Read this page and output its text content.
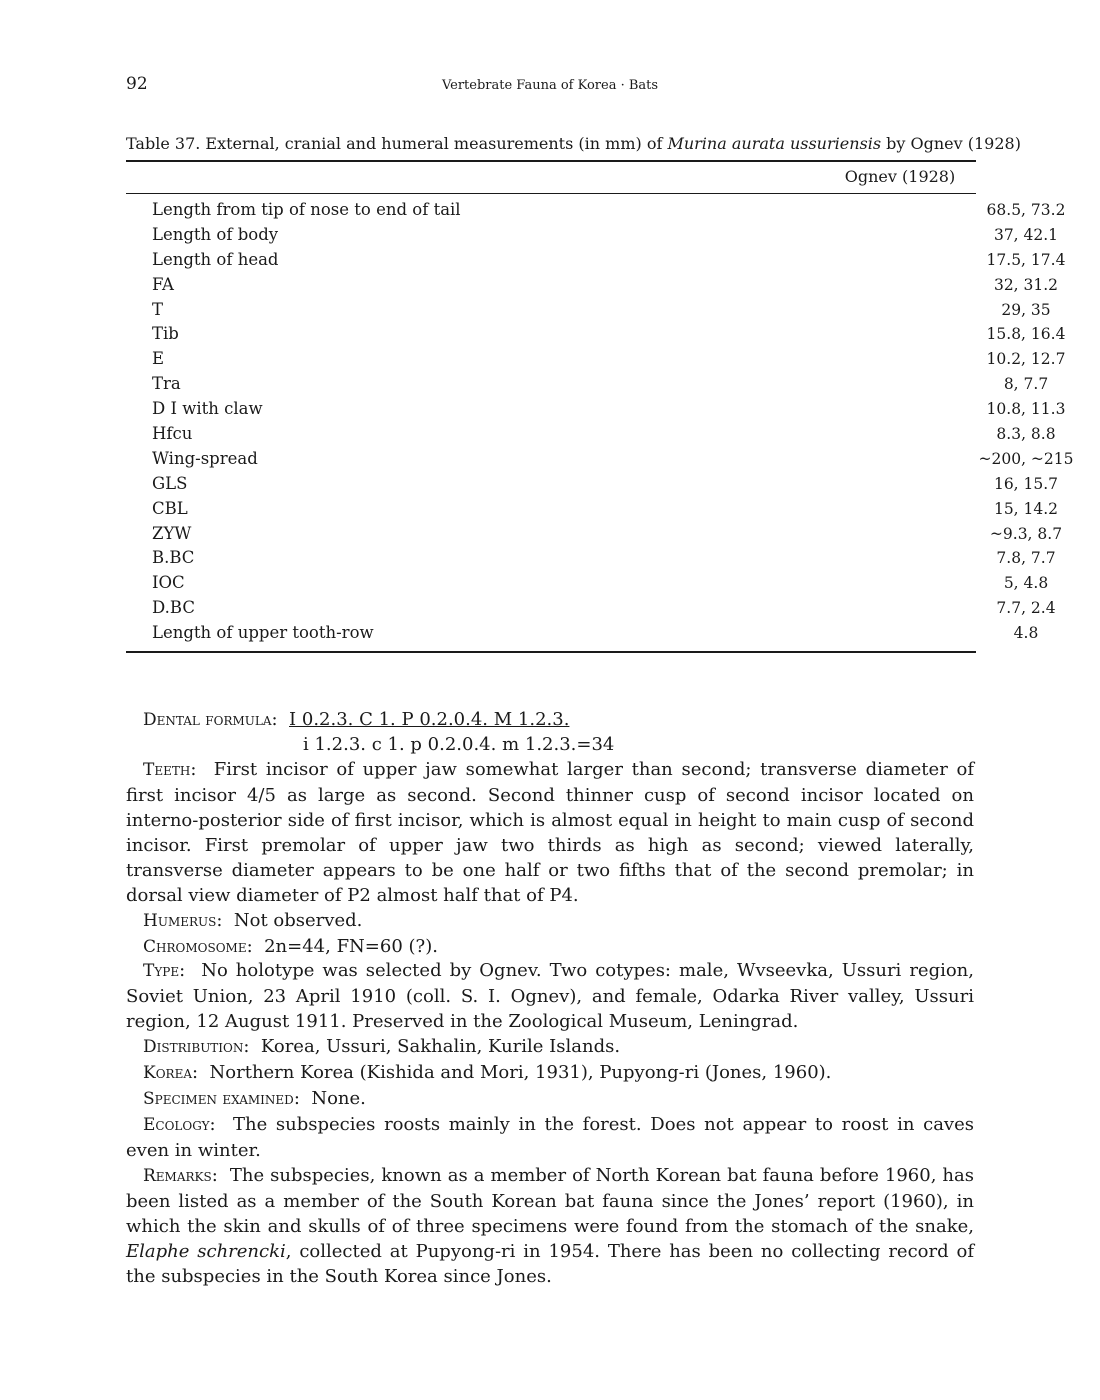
92	Vertebrate Fauna of Korea · Bats
Table 37. External, cranial and humeral measurements (in mm) of Murina aurata ussuriensis by Ognev (1928)
Ognev (1928)
Length from tip of nose to end of tail	68.5, 73.2
Length of body	37, 42.1
Length of head	17.5, 17.4
FA	32, 31.2
T	29, 35
Tib	15.8, 16.4
E	10.2, 12.7
Tra	8, 7.7
D I with claw	10.8, 11.3
Hfcu	8.3, 8.8
Wing-spread	~200, ~215
GLS	16, 15.7
CBL	15, 14.2
ZYW	~9.3, 8.7
B.BC	7.8, 7.7
IOC	5, 4.8
D.BC	7.7, 2.4
Length of upper tooth-row	4.8
Dental formula:  I 0.2.3. C 1. P 0.2.0.4. M 1.2.3.
i 1.2.3. c 1. p 0.2.0.4. m 1.2.3.=34

Teeth:  First incisor of upper jaw somewhat larger than second; transverse diameter of first incisor 4/5 as large as second. Second thinner cusp of second incisor located on interno-posterior side of first incisor, which is almost equal in height to main cusp of second incisor. First premolar of upper jaw two thirds as high as second; viewed laterally, transverse diameter appears to be one half or two fifths that of the second premolar; in dorsal view diameter of P2 almost half that of P4.

Humerus:  Not observed.

Chromosome:  2n=44, FN=60 (?).

Type:  No holotype was selected by Ognev. Two cotypes: male, Wvseevka, Ussuri region, Soviet Union, 23 April 1910 (coll. S. I. Ognev), and female, Odarka River valley, Ussuri region, 12 August 1911. Preserved in the Zoological Museum, Leningrad.

Distribution:  Korea, Ussuri, Sakhalin, Kurile Islands.

Korea:  Northern Korea (Kishida and Mori, 1931), Pupyong-ri (Jones, 1960).

Specimen examined:  None.

Ecology:  The subspecies roosts mainly in the forest. Does not appear to roost in caves even in winter.

Remarks:  The subspecies, known as a member of North Korean bat fauna before 1960, has been listed as a member of the South Korean bat fauna since the Jones’ report (1960), in which the skin and skulls of of three specimens were found from the stomach of the snake, Elaphe schrencki, collected at Pupyong-ri in 1954. There has been no collecting record of the subspecies in the South Korea since Jones.
